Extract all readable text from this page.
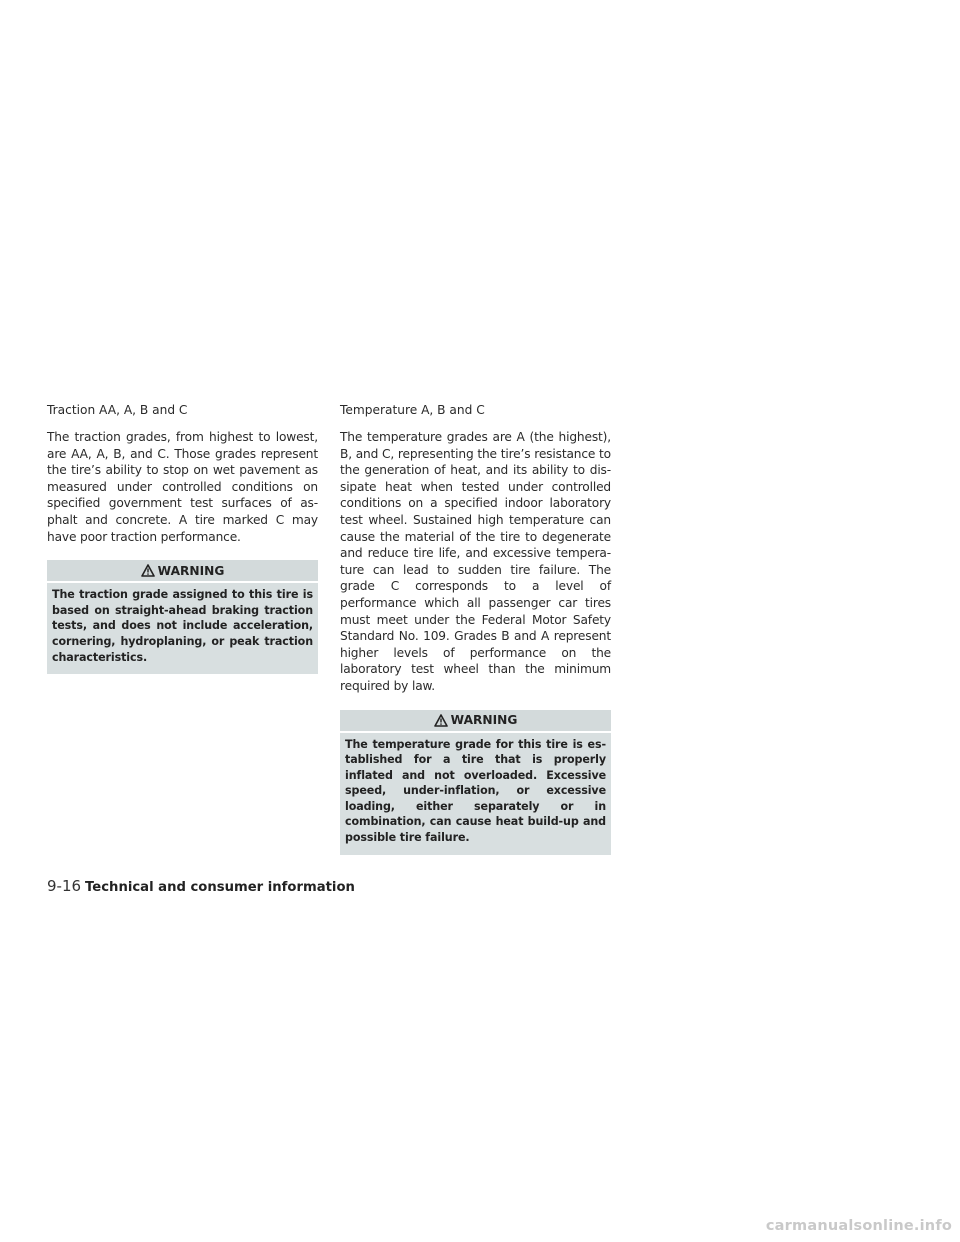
Traction AA, A, B and C

The traction grades, from highest to lowest, are AA, A, B, and C. Those grades represent the tire’s ability to stop on wet pavement as measured under controlled conditions on specified government test surfaces of as-phalt and concrete. A tire marked C may have poor traction performance.

WARNING
The traction grade assigned to this tire is based on straight-ahead braking traction tests, and does not include acceleration, cornering, hydroplaning, or peak traction characteristics.

Temperature A, B and C

The temperature grades are A (the highest), B, and C, representing the tire’s resistance to the generation of heat, and its ability to dis-sipate heat when tested under controlled conditions on a specified indoor laboratory test wheel. Sustained high temperature can cause the material of the tire to degenerate and reduce tire life, and excessive tempera-ture can lead to sudden tire failure. The grade C corresponds to a level of performance which all passenger car tires must meet under the Federal Motor Safety Standard No. 109. Grades B and A represent higher levels of performance on the laboratory test wheel than the minimum required by law.

WARNING
The temperature grade for this tire is es-tablished for a tire that is properly inflated and not overloaded. Excessive speed, under-inflation, or excessive loading, either separately or in combination, can cause heat build-up and possible tire failure.
9-16 Technical and consumer information
carmanualsonline.info
